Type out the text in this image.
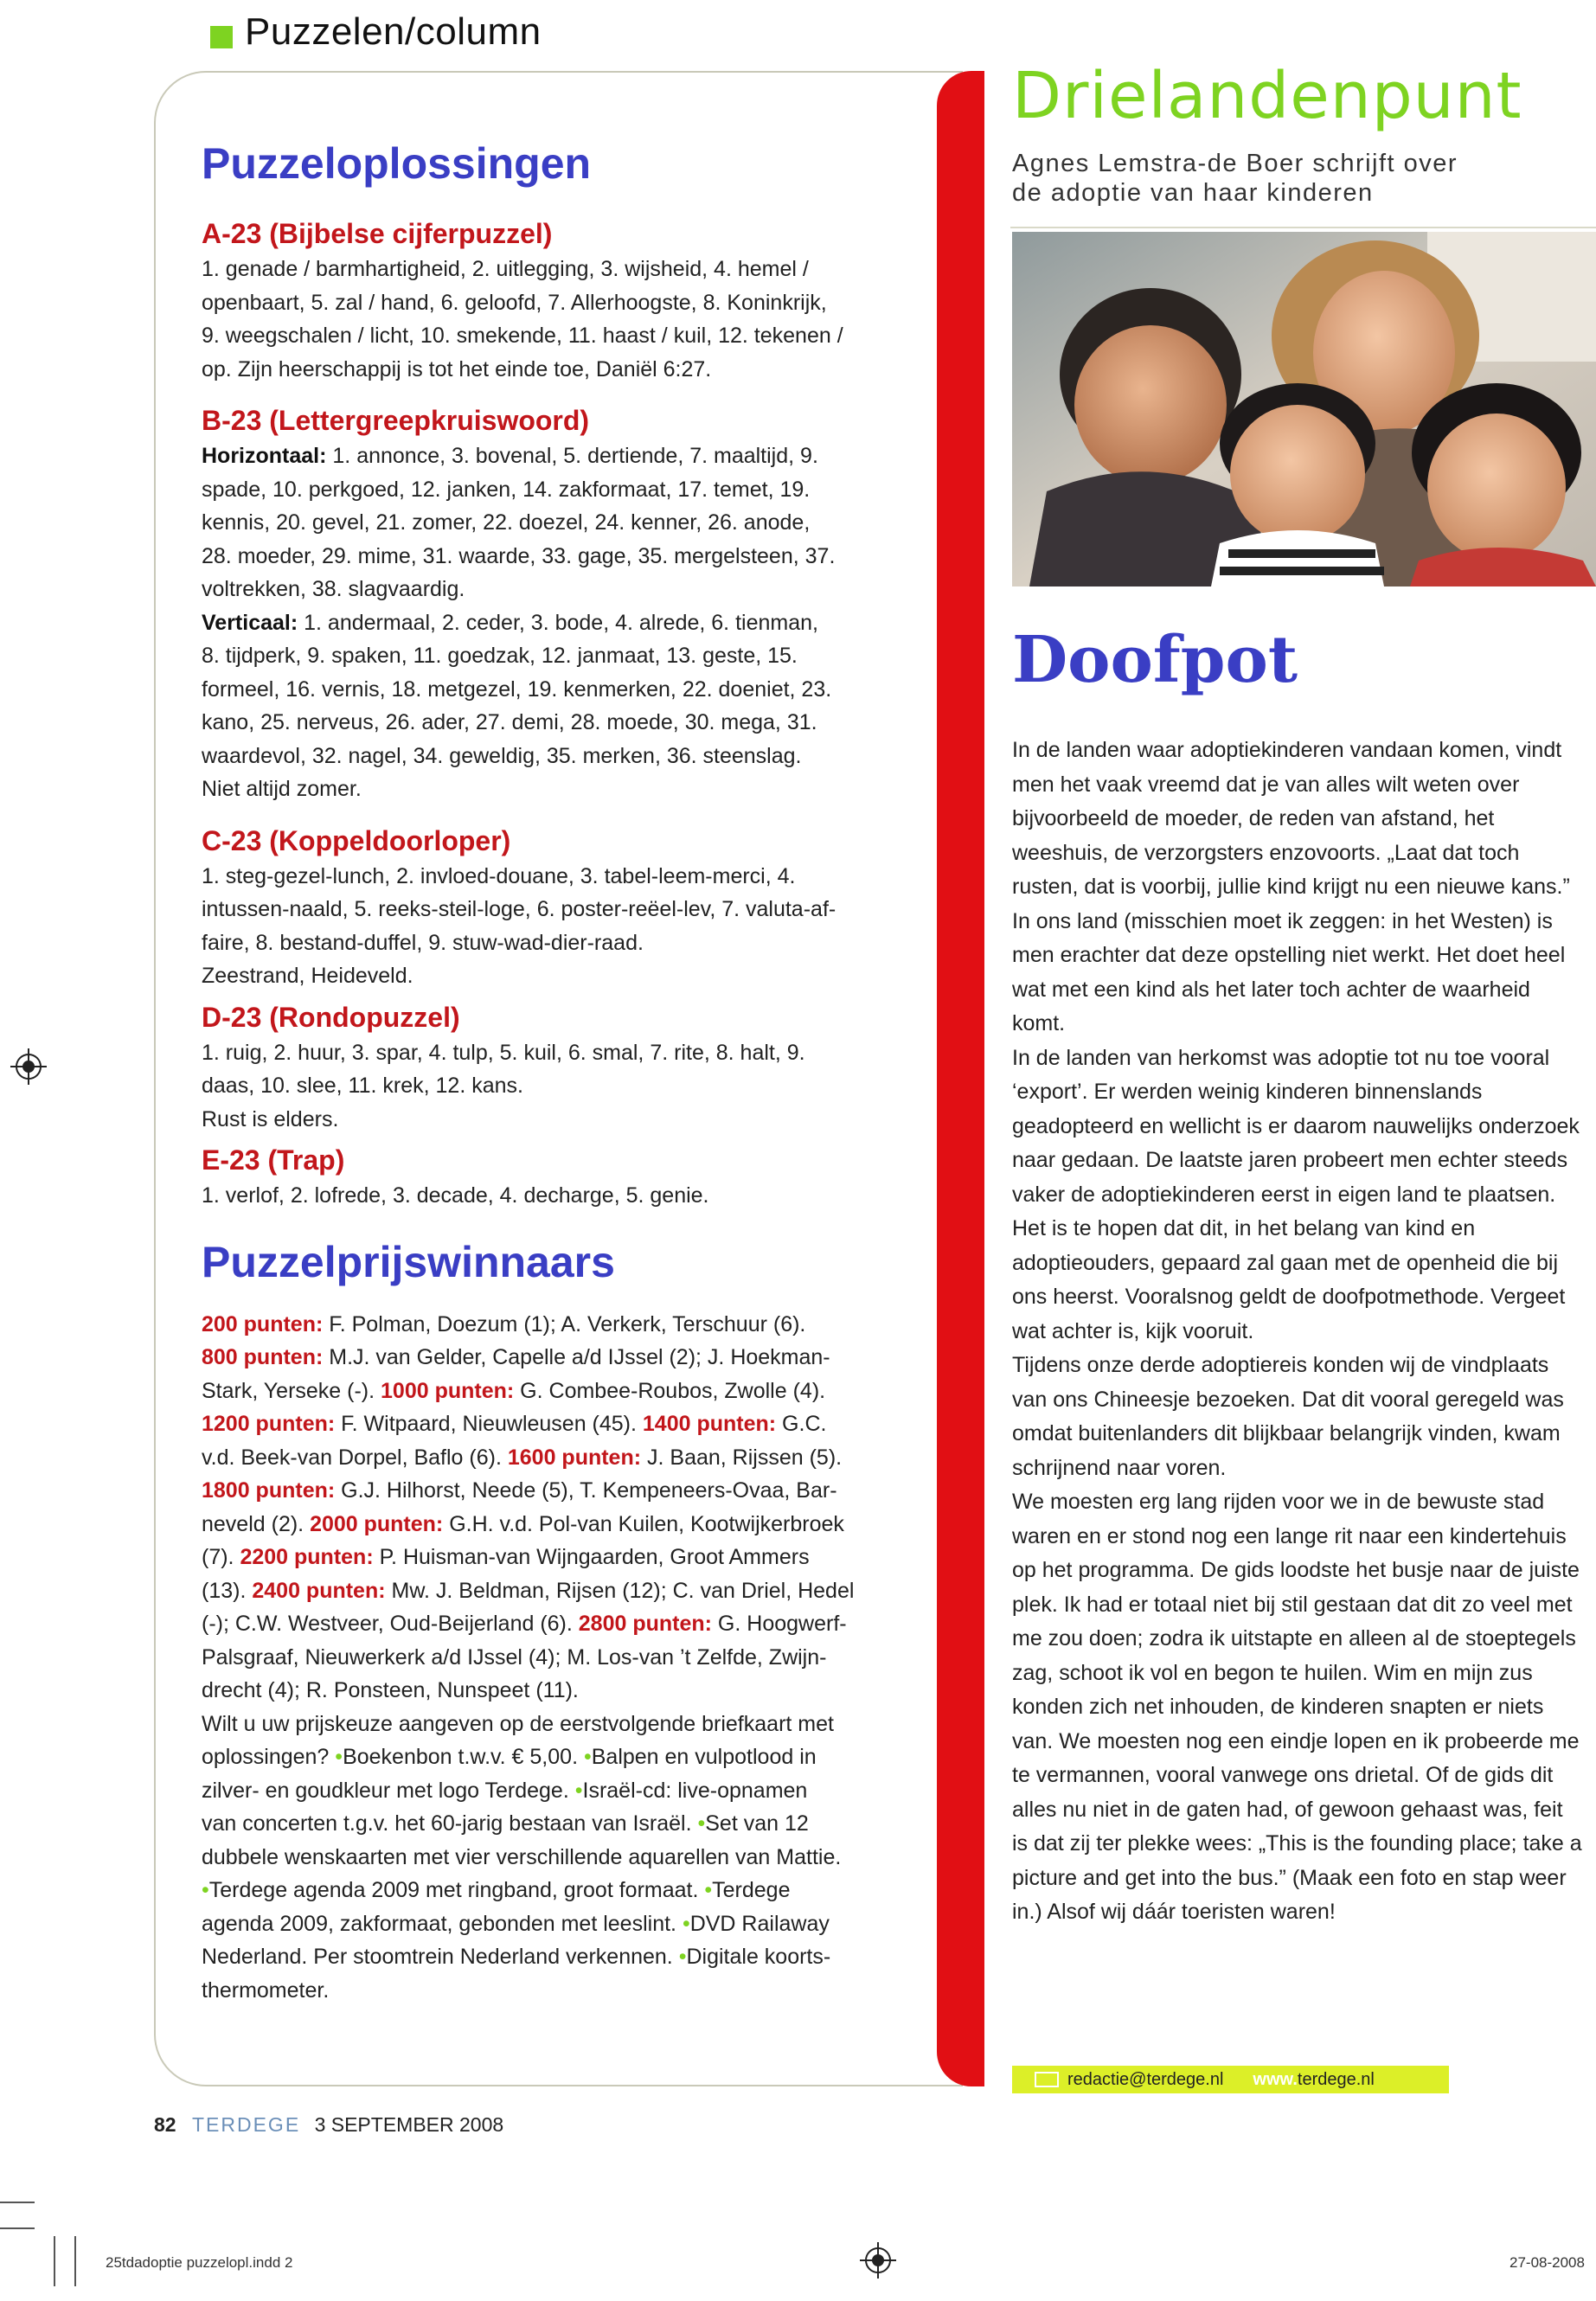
Puzzelen/column
Puzzeloplossingen
A-23 (Bijbelse cijferpuzzel)

1. genade / barmhartigheid, 2. uitlegging, 3. wijsheid, 4. hemel /

openbaart, 5. zal / hand, 6. geloofd, 7. Allerhoogste, 8. Koninkrijk,

9. weegschalen / licht, 10. smekende, 11. haast / kuil, 12. tekenen /

op. Zijn heerschappij is tot het einde toe, Daniël 6:27.

B-23 (Lettergreepkruiswoord)

Horizontaal: 1. annonce, 3. bovenal, 5. dertiende, 7. maaltijd, 9.

spade, 10. perkgoed, 12. janken, 14. zakformaat, 17. temet, 19.

kennis, 20. gevel, 21. zomer, 22. doezel, 24. kenner, 26. anode,

28. moeder, 29. mime, 31. waarde, 33. gage, 35. mergelsteen, 37.

voltrekken, 38. slagvaardig.

Verticaal: 1. andermaal, 2. ceder, 3. bode, 4. alrede, 6. tienman,

8. tijdperk, 9. spaken, 11. goedzak, 12. janmaat, 13. geste, 15.

formeel, 16. vernis, 18. metgezel, 19. kenmerken, 22. doeniet, 23.

kano, 25. nerveus, 26. ader, 27. demi, 28. moede, 30. mega, 31.

waardevol, 32. nagel, 34. geweldig, 35. merken, 36. steenslag.

Niet altijd zomer.

C-23 (Koppeldoorloper)

1. steg-gezel-lunch, 2. invloed-douane, 3. tabel-leem-merci, 4.

intussen-naald, 5. reeks-steil-loge, 6. poster-reëel-lev, 7. valuta-af-

faire, 8. bestand-duffel, 9. stuw-wad-dier-raad.

Zeestrand, Heideveld.

D-23 (Rondopuzzel)

1. ruig, 2. huur, 3. spar, 4. tulp, 5. kuil, 6. smal, 7. rite, 8. halt, 9.

daas, 10. slee, 11. krek, 12. kans.

Rust is elders.

E-23 (Trap)

1. verlof, 2. lofrede, 3. decade, 4. decharge, 5. genie.

Puzzelprijswinnaars

200 punten: F. Polman, Doezum (1); A. Verkerk, Terschuur (6).

800 punten: M.J. van Gelder, Capelle a/d IJssel (2); J. Hoekman-

Stark, Yerseke (-). 1000 punten: G. Combee-Roubos, Zwolle (4).

1200 punten: F. Witpaard, Nieuwleusen (45). 1400 punten: G.C.

v.d. Beek-van Dorpel, Baflo (6). 1600 punten: J. Baan, Rijssen (5).

1800 punten: G.J. Hilhorst, Neede (5), T. Kempeneers-Ovaa, Bar-

neveld (2). 2000 punten: G.H. v.d. Pol-van Kuilen, Kootwijkerbroek

(7). 2200 punten: P. Huisman-van Wijngaarden, Groot Ammers

(13). 2400 punten: Mw. J. Beldman, Rijsen (12); C. van Driel, Hedel

(-); C.W. Westveer, Oud-Beijerland (6). 2800 punten: G. Hoogwerf-

Palsgraaf, Nieuwerkerk a/d IJssel (4); M. Los-van ’t Zelfde, Zwijn-

drecht (4); R. Ponsteen, Nunspeet (11).

Wilt u uw prijskeuze aangeven op de eerstvolgende briefkaart met

oplossingen? •Boekenbon t.w.v. € 5,00. •Balpen en vulpotlood in

zilver- en goudkleur met logo Terdege. •Israël-cd: live-opnamen

van concerten t.g.v. het 60-jarig bestaan van Israël. •Set van 12

dubbele wenskaarten met vier verschillende aquarellen van Mattie.

•Terdege agenda 2009 met ringband, groot formaat. •Terdege

agenda 2009, zakformaat, gebonden met leeslint. •DVD Railaway

Nederland. Per stoomtrein Nederland verkennen. •Digitale koorts-

thermometer.

Drielandenpunt
Agnes Lemstra-de Boer schrijft over
de adoptie van haar kinderen
Doofpot

In de landen waar adoptiekinderen vandaan komen, vindt men het vaak vreemd dat je van alles wilt weten over bijvoorbeeld de moeder, de reden van afstand, het weeshuis, de verzorgsters enzovoorts. „Laat dat toch rusten, dat is voorbij, jullie kind krijgt nu een nieuwe kans.” In ons land (misschien moet ik zeggen: in het Westen) is men erachter dat deze opstelling niet werkt. Het doet heel wat met een kind als het later toch achter de waarheid komt.

In de landen van herkomst was adoptie tot nu toe vooral ‘export’. Er werden weinig kinderen binnenslands geadopteerd en wellicht is er daarom nauwelijks onderzoek naar gedaan. De laatste jaren probeert men echter steeds vaker de adoptiekinderen eerst in eigen land te plaatsen. Het is te hopen dat dit, in het belang van kind en adoptieouders, gepaard zal gaan met de openheid die bij ons heerst. Vooralsnog geldt de doofpotmethode. Vergeet wat achter is, kijk vooruit.

Tijdens onze derde adoptiereis konden wij de vindplaats van ons Chineesje bezoeken. Dat dit vooral geregeld was omdat buitenlanders dit blijkbaar belangrijk vinden, kwam schrijnend naar voren.

We moesten erg lang rijden voor we in de bewuste stad waren en er stond nog een lange rit naar een kindertehuis op het programma. De gids loodste het busje naar de juiste plek. Ik had er totaal niet bij stil gestaan dat dit zo veel met me zou doen; zodra ik uitstapte en alleen al de stoeptegels zag, schoot ik vol en begon te huilen. Wim en mijn zus konden zich net inhouden, de kinderen snapten er niets van. We moesten nog een eindje lopen en ik probeerde me te vermannen, vooral vanwege ons drietal. Of de gids dit alles nu niet in de gaten had, of gewoon gehaast was, feit is dat zij ter plekke wees: „This is the founding place; take a picture and get into the bus.” (Maak een foto en stap weer in.) Alsof wij dáár toeristen waren!

redactie@terdege.nl www. terdege.nl
82 TERDEGE 3 SEPTEMBER 2008
25tdadoptie puzzelopl.indd 2	27-08-2008
